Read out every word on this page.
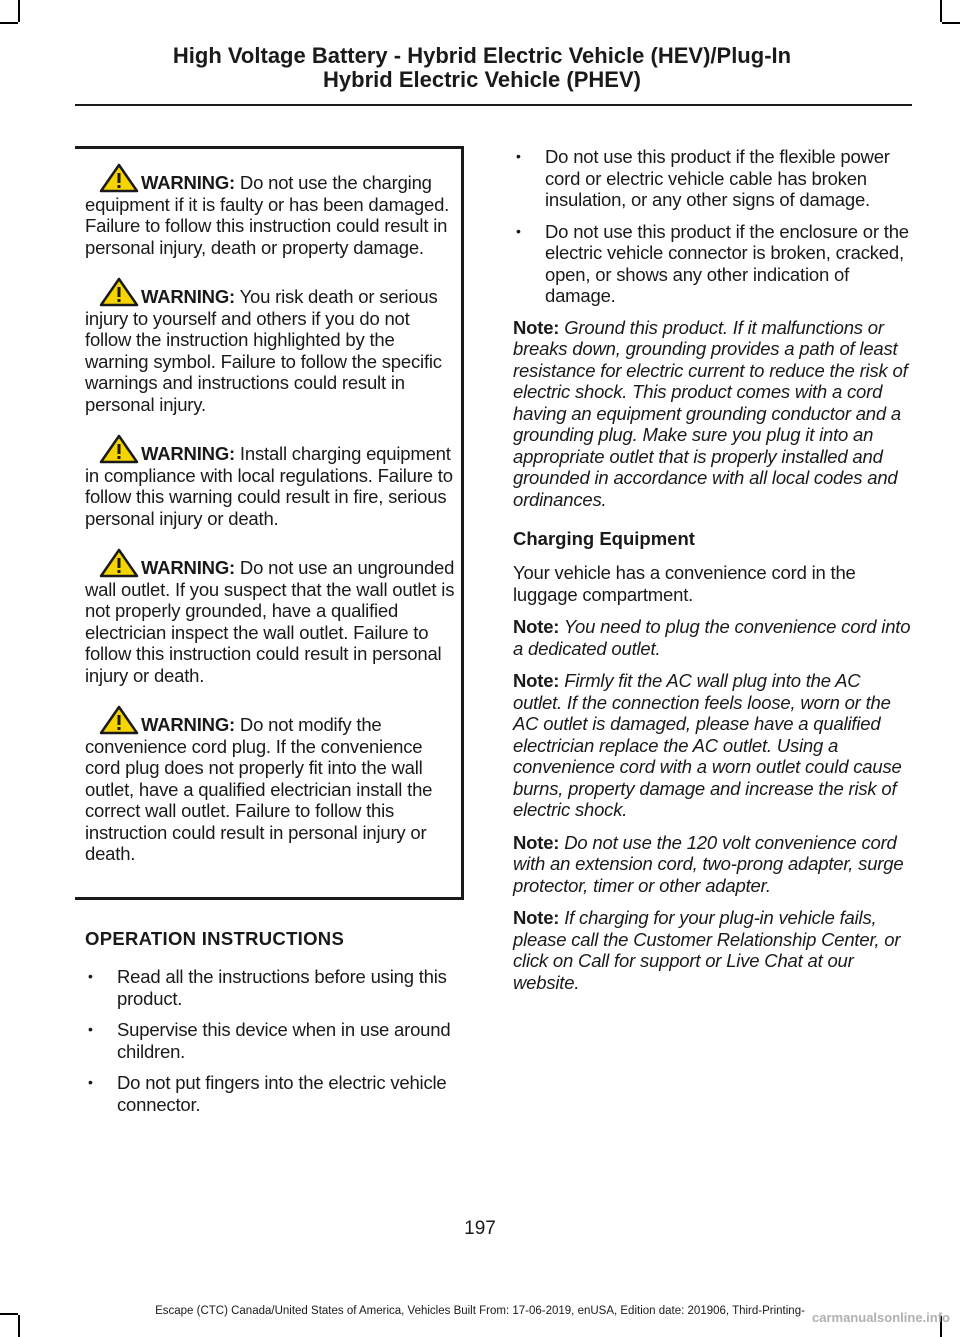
High Voltage Battery - Hybrid Electric Vehicle (HEV)/Plug-In
Hybrid Electric Vehicle (PHEV)
WARNING: Do not use the charging equipment if it is faulty or has been damaged. Failure to follow this instruction could result in personal injury, death or property damage.
WARNING: You risk death or serious injury to yourself and others if you do not follow the instruction highlighted by the warning symbol. Failure to follow the specific warnings and instructions could result in personal injury.
WARNING: Install charging equipment in compliance with local regulations. Failure to follow this warning could result in fire, serious personal injury or death.
WARNING: Do not use an ungrounded wall outlet. If you suspect that the wall outlet is not properly grounded, have a qualified electrician inspect the wall outlet. Failure to follow this instruction could result in personal injury or death.
WARNING: Do not modify the convenience cord plug. If the convenience cord plug does not properly fit into the wall outlet, have a qualified electrician install the correct wall outlet. Failure to follow this instruction could result in personal injury or death.
OPERATION INSTRUCTIONS
• Read all the instructions before using this product.
• Supervise this device when in use around children.
• Do not put fingers into the electric vehicle connector.
• Do not use this product if the flexible power cord or electric vehicle cable has broken insulation, or any other signs of damage.
• Do not use this product if the enclosure or the electric vehicle connector is broken, cracked, open, or shows any other indication of damage.
Note: Ground this product. If it malfunctions or breaks down, grounding provides a path of least resistance for electric current to reduce the risk of electric shock. This product comes with a cord having an equipment grounding conductor and a grounding plug. Make sure you plug it into an appropriate outlet that is properly installed and grounded in accordance with all local codes and ordinances.
Charging Equipment
Your vehicle has a convenience cord in the luggage compartment.
Note: You need to plug the convenience cord into a dedicated outlet.
Note: Firmly fit the AC wall plug into the AC outlet. If the connection feels loose, worn or the AC outlet is damaged, please have a qualified electrician replace the AC outlet. Using a convenience cord with a worn outlet could cause burns, property damage and increase the risk of electric shock.
Note: Do not use the 120 volt convenience cord with an extension cord, two-prong adapter, surge protector, timer or other adapter.
Note: If charging for your plug-in vehicle fails, please call the Customer Relationship Center, or click on Call for support or Live Chat at our website.
197
Escape (CTC) Canada/United States of America, Vehicles Built From: 17-06-2019, enUSA, Edition date: 201906, Third-Printing- carmanualsonline.info
